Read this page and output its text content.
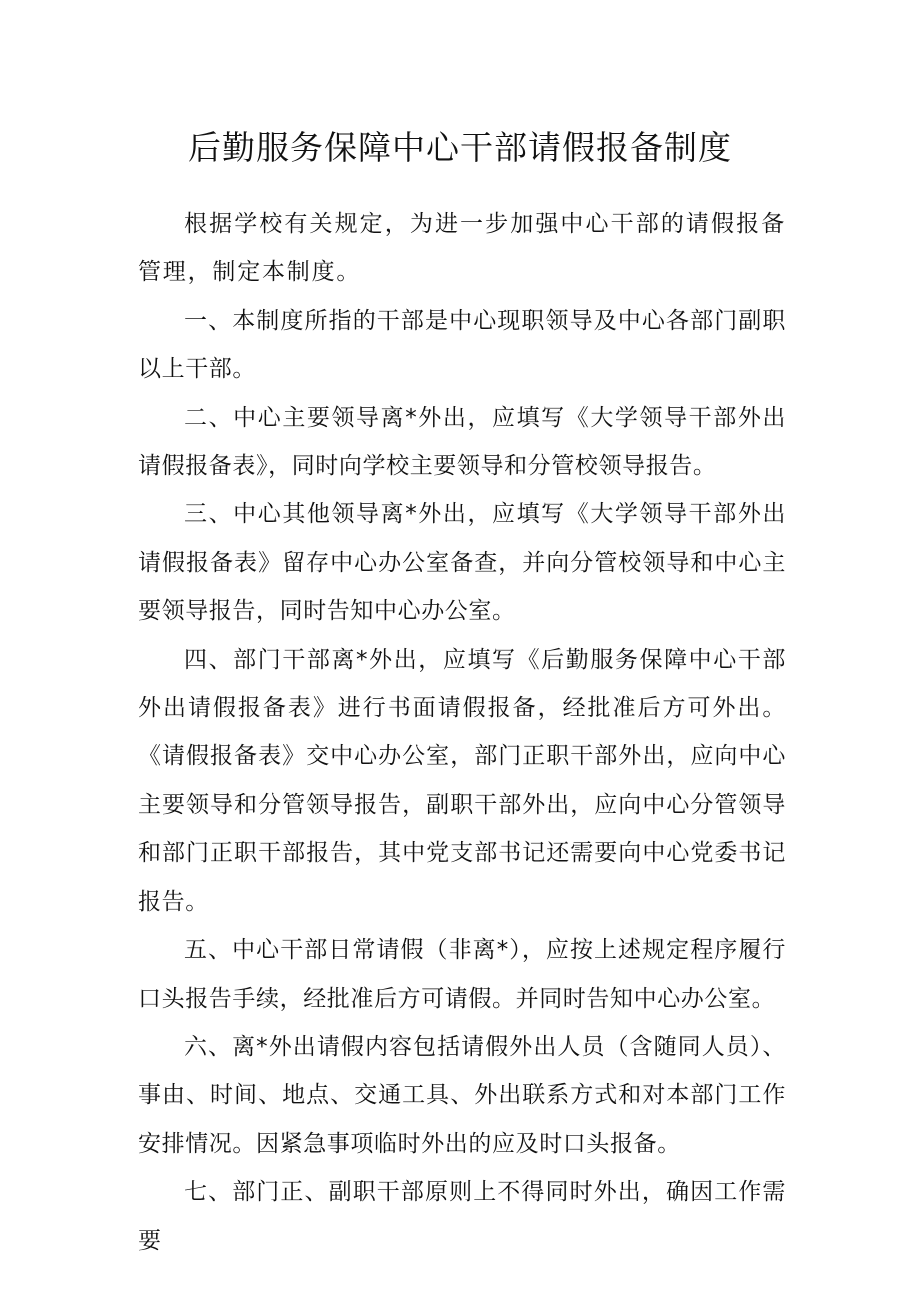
后勤服务保障中心干部请假报备制度

根据学校有关规定，为进一步加强中心干部的请假报备管理，制定本制度。

一、本制度所指的干部是中心现职领导及中心各部门副职以上干部。

二、中心主要领导离*外出，应填写《大学领导干部外出请假报备表》，同时向学校主要领导和分管校领导报告。

三、中心其他领导离*外出，应填写《大学领导干部外出请假报备表》留存中心办公室备查，并向分管校领导和中心主要领导报告，同时告知中心办公室。

四、部门干部离*外出，应填写《后勤服务保障中心干部外出请假报备表》进行书面请假报备，经批准后方可外出。《请假报备表》交中心办公室，部门正职干部外出，应向中心主要领导和分管领导报告，副职干部外出，应向中心分管领导和部门正职干部报告，其中党支部书记还需要向中心党委书记报告。

五、中心干部日常请假（非离*），应按上述规定程序履行口头报告手续，经批准后方可请假。并同时告知中心办公室。

六、离*外出请假内容包括请假外出人员（含随同人员）、事由、时间、地点、交通工具、外出联系方式和对本部门工作安排情况。因紧急事项临时外出的应及时口头报备。

七、部门正、副职干部原则上不得同时外出，确因工作需要
